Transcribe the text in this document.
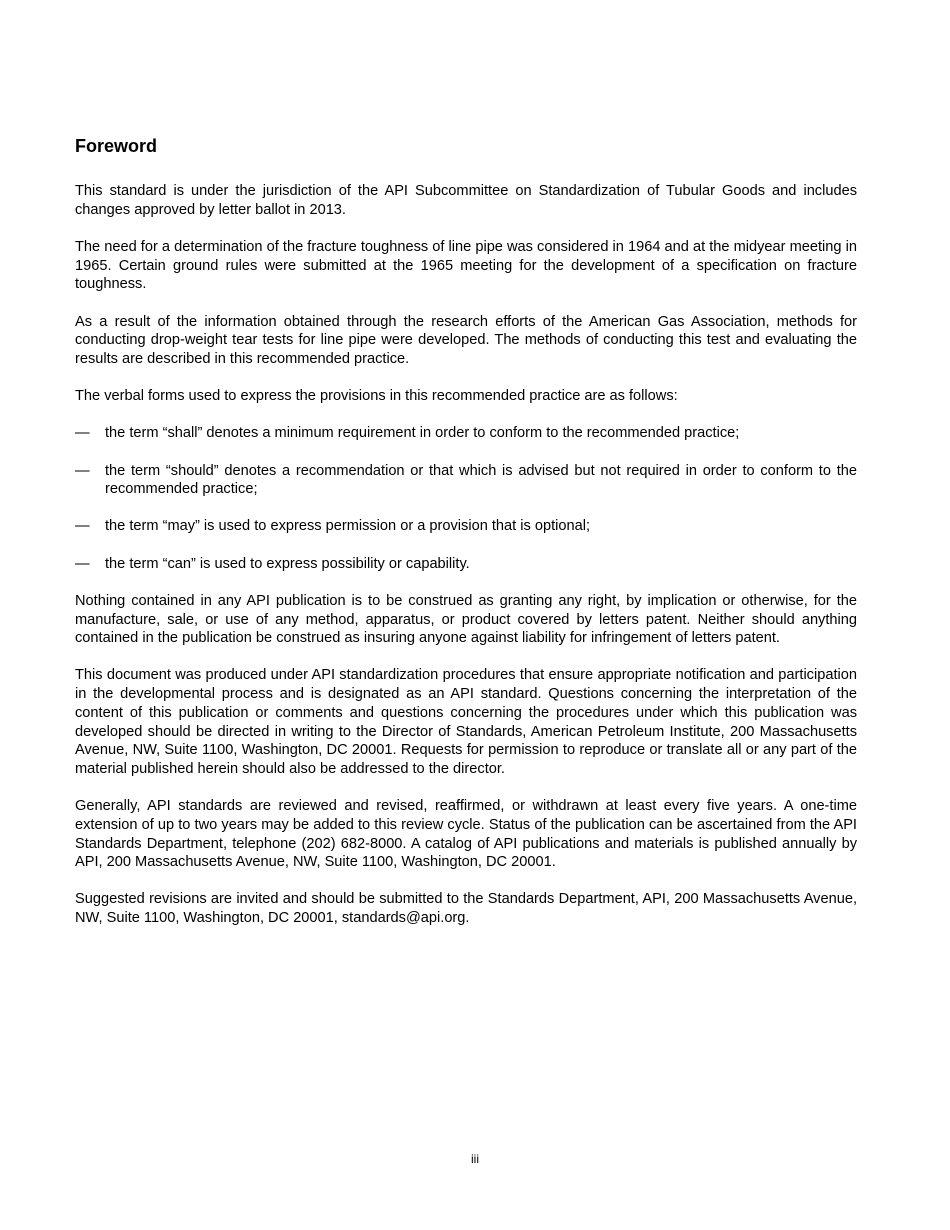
Foreword

This standard is under the jurisdiction of the API Subcommittee on Standardization of Tubular Goods and includes changes approved by letter ballot in 2013.

The need for a determination of the fracture toughness of line pipe was considered in 1964 and at the midyear meeting in 1965. Certain ground rules were submitted at the 1965 meeting for the development of a specification on fracture toughness.

As a result of the information obtained through the research efforts of the American Gas Association, methods for conducting drop-weight tear tests for line pipe were developed. The methods of conducting this test and evaluating the results are described in this recommended practice.

The verbal forms used to express the provisions in this recommended practice are as follows:

—	the term “shall” denotes a minimum requirement in order to conform to the recommended practice;
—	the term “should” denotes a recommendation or that which is advised but not required in order to conform to the recommended practice;
—	the term “may” is used to express permission or a provision that is optional;
—	the term “can” is used to express possibility or capability.

Nothing contained in any API publication is to be construed as granting any right, by implication or otherwise, for the manufacture, sale, or use of any method, apparatus, or product covered by letters patent. Neither should anything contained in the publication be construed as insuring anyone against liability for infringement of letters patent.

This document was produced under API standardization procedures that ensure appropriate notification and participation in the developmental process and is designated as an API standard. Questions concerning the interpretation of the content of this publication or comments and questions concerning the procedures under which this publication was developed should be directed in writing to the Director of Standards, American Petroleum Institute, 200 Massachusetts Avenue, NW, Suite 1100, Washington, DC 20001. Requests for permission to reproduce or translate all or any part of the material published herein should also be addressed to the director.

Generally, API standards are reviewed and revised, reaffirmed, or withdrawn at least every five years. A one-time extension of up to two years may be added to this review cycle. Status of the publication can be ascertained from the API Standards Department, telephone (202) 682-8000. A catalog of API publications and materials is published annually by API, 200 Massachusetts Avenue, NW, Suite 1100, Washington, DC 20001.

Suggested revisions are invited and should be submitted to the Standards Department, API, 200 Massachusetts Avenue, NW, Suite 1100, Washington, DC 20001, standards@api.org.

iii
